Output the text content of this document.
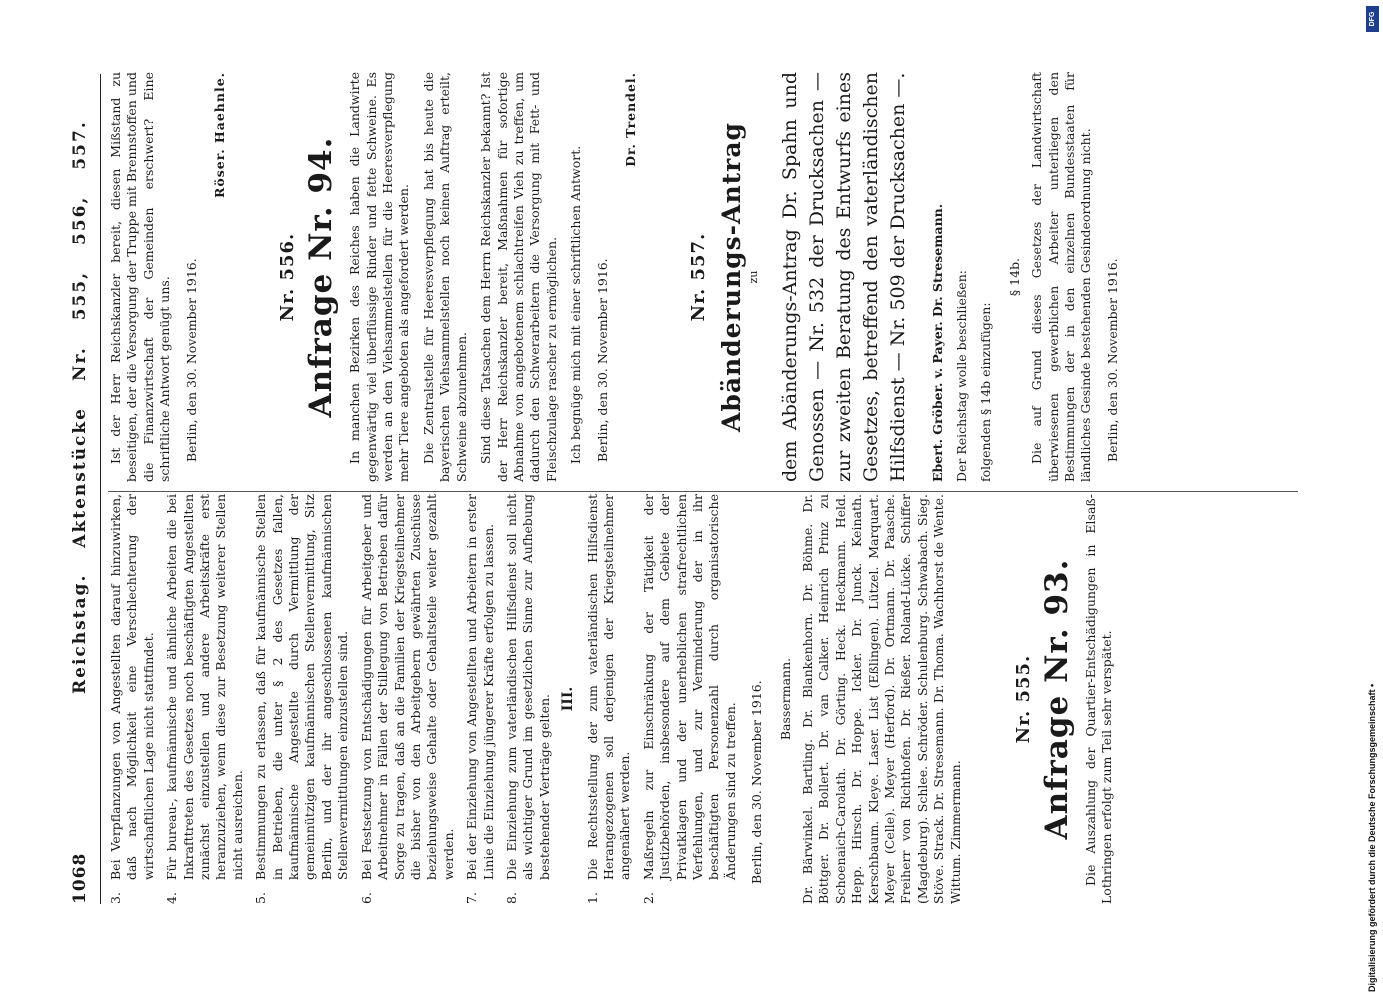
1068
Reichstag. Aktenstücke Nr. 555, 556, 557.
3.
Bei Verpflanzungen von Angestellten darauf hinzuwirken, daß nach Möglichkeit eine Verschlechterung der wirtschaftlichen Lage nicht stattfindet.
4.
Für bureau-, kaufmännische und ähnliche Arbeiten die bei Inkrafttreten des Gesetzes noch beschäftigten Angestellten zunächst einzustellen und andere Arbeitskräfte erst heranzuziehen, wenn diese zur Besetzung weiterer Stellen nicht ausreichen.
5.
Bestimmungen zu erlassen, daß für kaufmännische Stellen in Betrieben, die unter § 2 des Gesetzes fallen, kaufmännische Angestellte durch Vermittlung der gemeinnützigen kaufmännischen Stellenvermittlung, Sitz Berlin, und der ihr angeschlossenen kaufmännischen Stellenvermittlungen einzustellen sind.
6.
Bei Festsetzung von Entschädigungen für Arbeitgeber und Arbeitnehmer in Fällen der Stillegung von Betrieben dafür Sorge zu tragen, daß an die Familien der Kriegsteilnehmer die bisher von den Arbeitgebern gewährten Zuschüsse beziehungsweise Gehalte oder Gehaltsteile weiter gezahlt werden.
7.
Bei der Einziehung von Angestellten und Arbeitern in erster Linie die Einziehung jüngerer Kräfte erfolgen zu lassen.
8.
Die Einziehung zum vaterländischen Hilfsdienst soll nicht als wichtiger Grund im gesetzlichen Sinne zur Aufhebung bestehender Verträge gelten. III.
1.
Die Rechtsstellung der zum vaterländischen Hilfsdienst Herangezogenen soll derjenigen der Kriegsteilnehmer angenähert werden.
2.
Maßregeln zur Einschränkung der Tätigkeit der Justizbehörden, insbesondere auf dem Gebiete der Privatklagen und der unerheblichen strafrechtlichen Verfehlungen, und zur Verminderung der in ihr beschäftigten Personenzahl durch organisatorische Änderungen sind zu treffen. Berlin, den 30. November 1916. Bassermann. Dr. Bärwinkel. Bartling. Dr. Blankenhorn. Dr. Böhme. Dr. Böttger. Dr. Bollert. Dr. van Calker. Heinrich Prinz zu Schoenaich-Carolath. Dr. Görting. Heck. Heckmann. Held. Hepp. Hirsch. Dr. Hoppe. Ickler. Dr. Junck. Keinath. Kerschbaum. Kleye. Laser. List (Eßlingen). Lützel. Marquart. Meyer (Celle). Meyer (Herford). Dr. Ortmann. Dr. Paasche. Freiherr von Richthofen. Dr. Rießer. Roland-Lücke. Schiffer (Magdeburg). Schlee. Schröder. Schulenburg. Schwabach. Sieg. Stöve. Strack. Dr. Stresemann. Dr. Thoma. Wachhorst de Wente. Wittum. Zimmermann.

Nr. 555. Anfrage Nr. 93. Die Auszahlung der Quartier-Entschädigungen in Elsaß-Lothringen erfolgt zum Teil sehr verspätet.

Ist der Herr Reichskanzler bereit, diesen Mißstand zu beseitigen, der die Versorgung der Truppe mit Brennstoffen und die Finanzwirtschaft der Gemeinden erschwert? Eine schriftliche Antwort genügt uns. Berlin, den 30. November 1916.
Röser. Haehnle.
Nr. 556. Anfrage Nr. 94. In manchen Bezirken des Reiches haben die Landwirte gegenwärtig viel überflüssige Rinder und fette Schweine. Es werden an den Viehsammelstellen für die Heeresverpflegung mehr Tiere angeboten als angefordert werden. Die Zentralstelle für Heeresverpflegung hat bis heute die bayerischen Viehsammelstellen noch keinen Auftrag erteilt, Schweine abzunehmen. Sind diese Tatsachen dem Herrn Reichskanzler bekannt? Ist der Herr Reichskanzler bereit, Maßnahmen für sofortige Abnahme von angebotenem schlachtreifen Vieh zu treffen, um dadurch den Schwerarbeitern die Versorgung mit Fett- und Fleischzulage rascher zu ermöglichen. Ich begnüge mich mit einer schriftlichen Antwort. Berlin, den 30. November 1916.
Dr. Trendel.
Nr. 557. Abänderungs-Antrag zu dem Abänderungs-Antrag Dr. Spahn und Genossen — Nr. 532 der Drucksachen — zur zweiten Beratung des Entwurfs eines Gesetzes, betreffend den vaterländischen Hilfsdienst — Nr. 509 der Drucksachen —. Ebert. Gröber. v. Payer. Dr. Stresemann. Der Reichstag wolle beschließen: folgenden § 14b einzufügen:

§ 14b. Die auf Grund dieses Gesetzes der Landwirtschaft überwiesenen gewerblichen Arbeiter unterliegen den Bestimmungen der in den einzelnen Bundesstaaten für ländliches Gesinde bestehenden Gesindeordnung nicht. Berlin, den 30. November 1916.
DFG
Digitalisierung gefördert durch die Deutsche Forschungsgemeinschaft •
